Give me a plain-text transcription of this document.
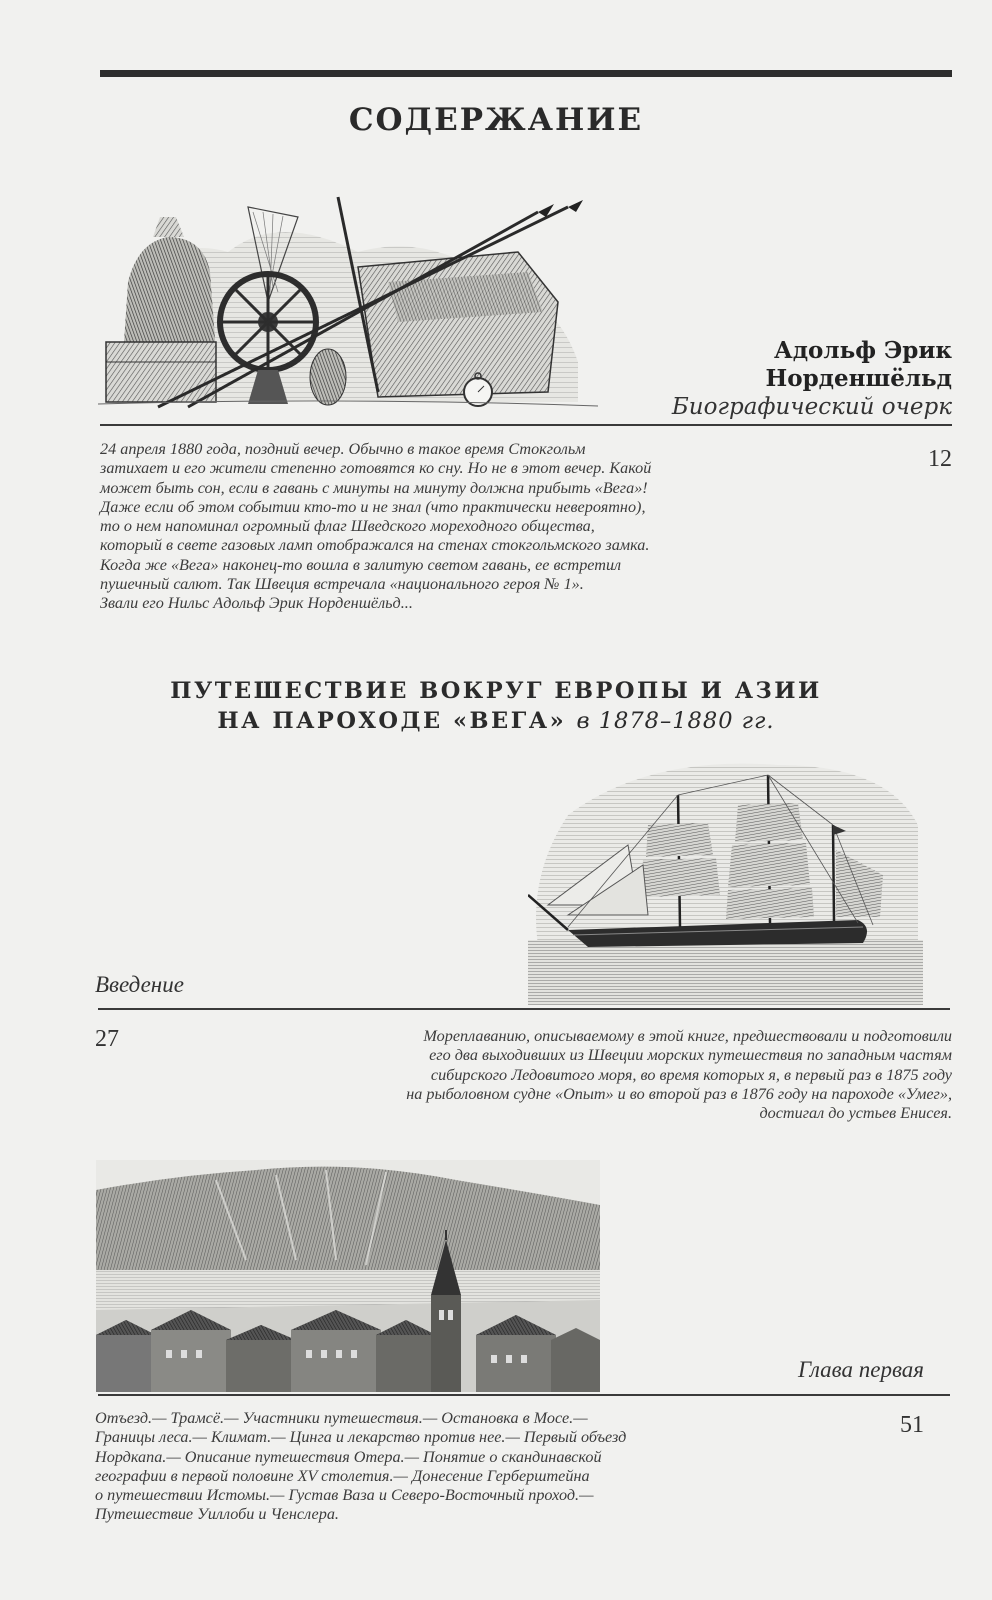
СОДЕРЖАНИЕ
Адольф Эрик
Норденшёльд
Биографический очерк
12
24 апреля 1880 года, поздний вечер. Обычно в такое время Стокгольм
затихает и его жители степенно готовятся ко сну. Но не в этот вечер. Какой
может быть сон, если в гавань с минуты на минуту должна прибыть «Вега»!
Даже если об этом событии кто-то и не знал (что практически невероятно),
то о нем напоминал огромный флаг Шведского мореходного общества,
который в свете газовых ламп отображался на стенах стокгольмского замка.
Когда же «Вега» наконец-то вошла в залитую светом гавань, ее встретил
пушечный салют. Так Швеция встречала «национального героя № 1».
Звали его Нильс Адольф Эрик Норденшёльд...
ПУТЕШЕСТВИЕ ВОКРУГ ЕВРОПЫ И АЗИИ
НА ПАРОХОДЕ «ВЕГА» в 1878–1880 гг.
Введение
27	Мореплаванию, описываемому в этой книге, предшествовали и подготовили
его два выходивших из Швеции морских путешествия по западным частям
сибирского Ледовитого моря, во время которых я, в первый раз в 1875 году
на рыболовном судне «Опыт» и во второй раз в 1876 году на пароходе «Умег»,
достигал до устьев Енисея.
Глава первая
51
Отъезд.— Трамсё.— Участники путешествия.— Остановка в Мосе.—
Границы леса.— Климат.— Цинга и лекарство против нее.— Первый объезд
Нордкапа.— Описание путешествия Отера.— Понятие о скандинавской
географии в первой половине XV столетия.— Донесение Герберштейна
о путешествии Истомы.— Густав Ваза и Северо-Восточный проход.—
Путешествие Уиллоби и Ченслера.
